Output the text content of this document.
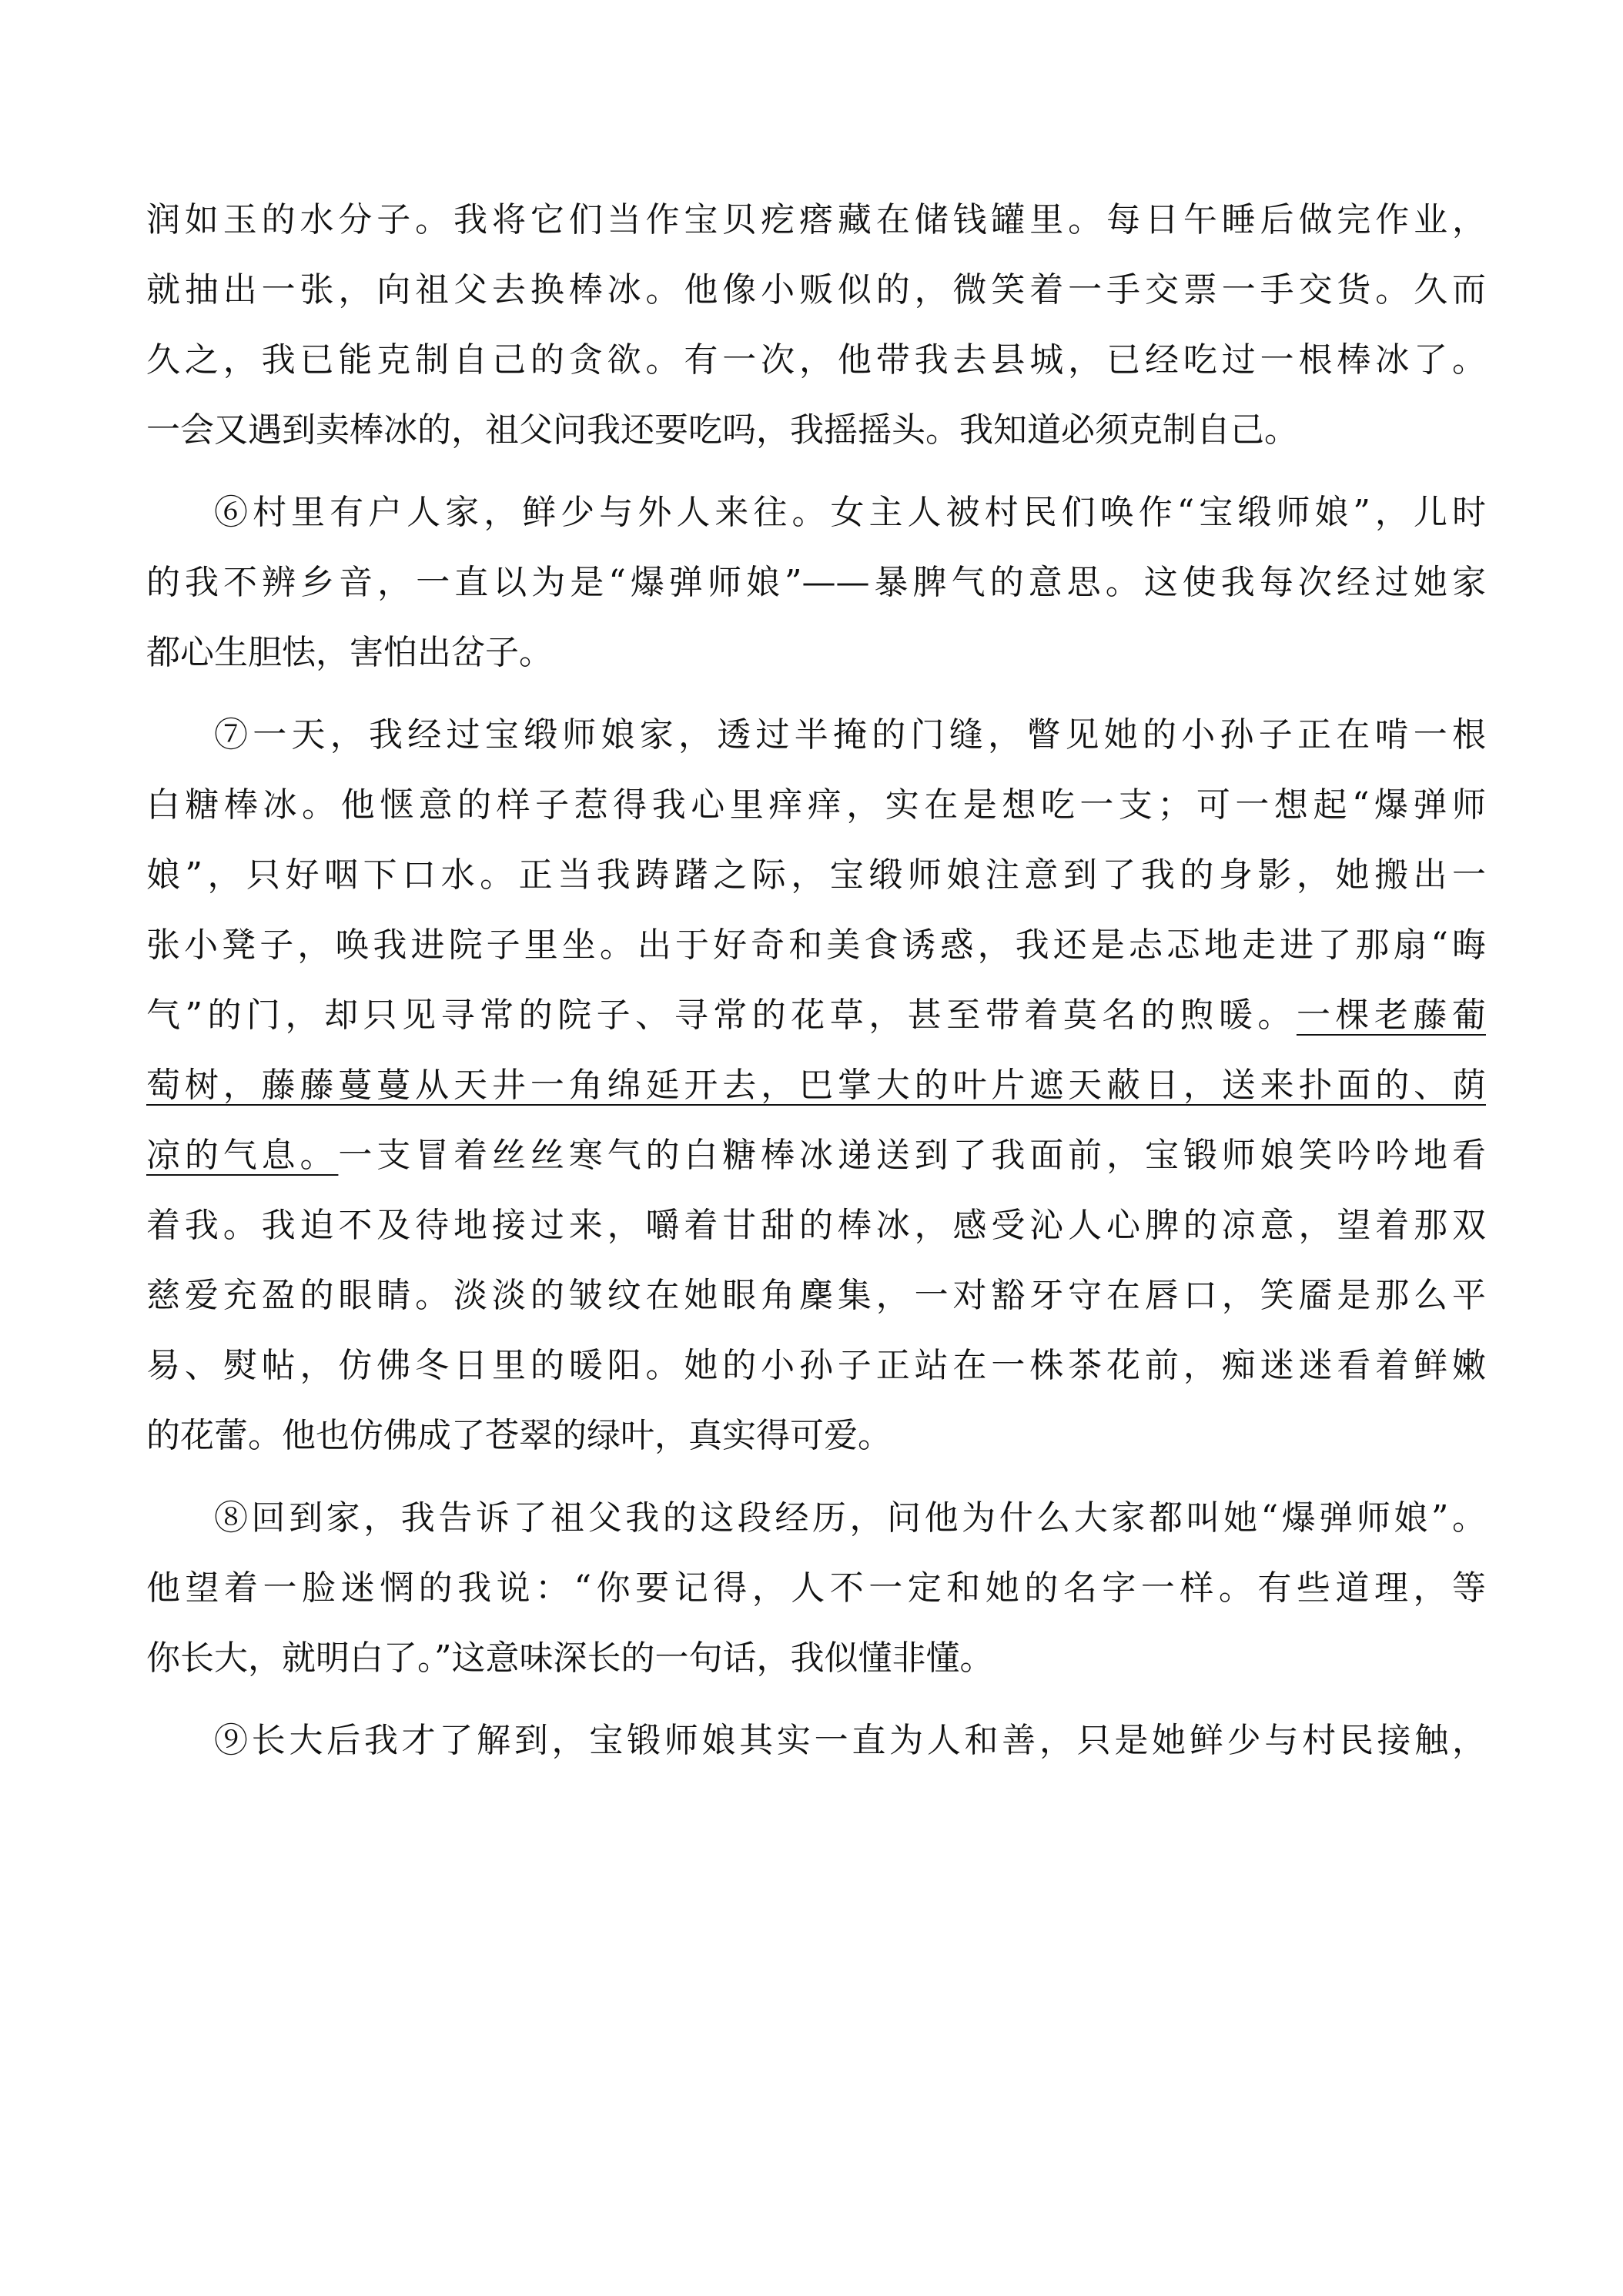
润如玉的水分子。我将它们当作宝贝疙瘩藏在储钱罐里。每日午睡后做完作业，
就抽出一张，向祖父去换棒冰。他像小贩似的，微笑着一手交票一手交货。久而
久之，我已能克制自己的贪欲。有一次，他带我去县城，已经吃过一根棒冰了。
一会又遇到卖棒冰的，祖父问我还要吃吗，我摇摇头。我知道必须克制自己。
⑥村里有户人家，鲜少与外人来往。女主人被村民们唤作“宝缎师娘”，儿时
的我不辨乡音，一直以为是“爆弹师娘”——暴脾气的意思。这使我每次经过她家
都心生胆怯，害怕出岔子。
⑦一天，我经过宝缎师娘家，透过半掩的门缝，瞥见她的小孙子正在啃一根
白糖棒冰。他惬意的样子惹得我心里痒痒，实在是想吃一支；可一想起“爆弹师
娘”，只好咽下口水。正当我踌躇之际，宝缎师娘注意到了我的身影，她搬出一
张小凳子，唤我进院子里坐。出于好奇和美食诱惑，我还是忐忑地走进了那扇“晦
气”的门，却只见寻常的院子、寻常的花草，甚至带着莫名的煦暖。一棵老藤葡
萄树，藤藤蔓蔓从天井一角绵延开去，巴掌大的叶片遮天蔽日，送来扑面的、荫
凉的气息。一支冒着丝丝寒气的白糖棒冰递送到了我面前，宝锻师娘笑吟吟地看
着我。我迫不及待地接过来，嚼着甘甜的棒冰，感受沁人心脾的凉意，望着那双
慈爱充盈的眼睛。淡淡的皱纹在她眼角麇集，一对豁牙守在唇口，笑靥是那么平
易、熨帖，仿佛冬日里的暖阳。她的小孙子正站在一株茶花前，痴迷迷看着鲜嫩
的花蕾。他也仿佛成了苍翠的绿叶，真实得可爱。
⑧回到家，我告诉了祖父我的这段经历，问他为什么大家都叫她“爆弹师娘”。
他望着一脸迷惘的我说：“你要记得，人不一定和她的名字一样。有些道理，等
你长大，就明白了。”这意味深长的一句话，我似懂非懂。
⑨长大后我才了解到，宝锻师娘其实一直为人和善，只是她鲜少与村民接触，
